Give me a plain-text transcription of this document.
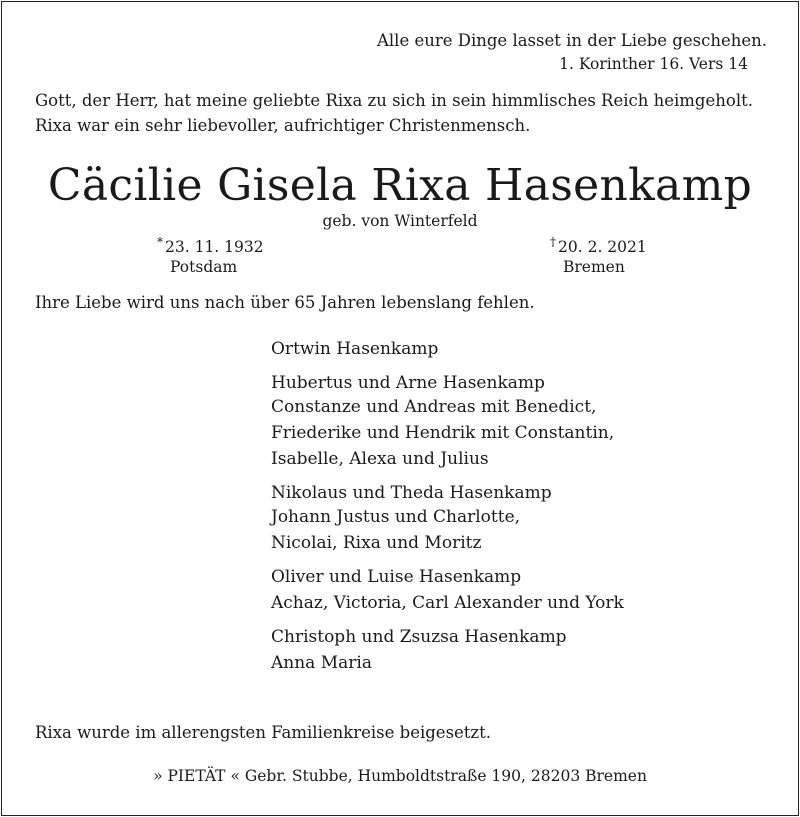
Alle eure Dinge lasset in der Liebe geschehen.
1. Korinther 16. Vers 14
Gott, der Herr, hat meine geliebte Rixa zu sich in sein himmlisches Reich heimgeholt.
Rixa war ein sehr liebevoller, aufrichtiger Christenmensch.
Cäcilie Gisela Rixa Hasenkamp
geb. von Winterfeld
* 23. 11. 1932
Potsdam
† 20. 2. 2021
Bremen
Ihre Liebe wird uns nach über 65 Jahren lebenslang fehlen.
Ortwin Hasenkamp
Hubertus und Arne Hasenkamp
Constanze und Andreas mit Benedict,
Friederike und Hendrik mit Constantin,
Isabelle, Alexa und Julius
Nikolaus und Theda Hasenkamp
Johann Justus und Charlotte,
Nicolai, Rixa und Moritz
Oliver und Luise Hasenkamp
Achaz, Victoria, Carl Alexander und York
Christoph und Zsuzsa Hasenkamp
Anna Maria
Rixa wurde im allerengsten Familienkreise beigesetzt.
» PIETÄT « Gebr. Stubbe, Humboldtstraße 190, 28203 Bremen
